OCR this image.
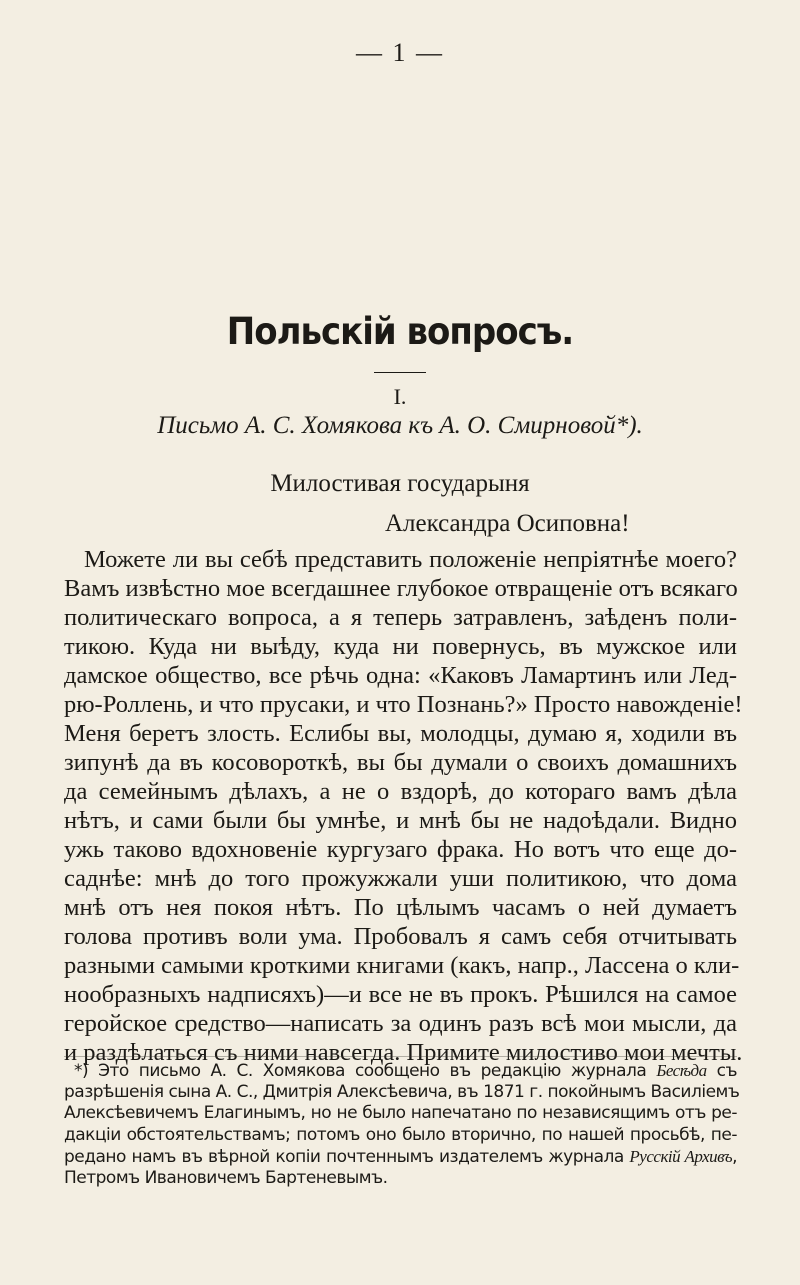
— 1 —
Польскій вопросъ.
I.
Письмо А. С. Хомякова къ А. О. Смирновой*).
Милостивая государыня
Александра Осиповна!
Можете ли вы себѣ представить положеніе непріятнѣе моего?
Вамъ извѣстно мое всегдашнее глубокое отвращеніе отъ всякаго
политическаго вопроса, а я теперь затравленъ, заѣденъ поли-
тикою. Куда ни выѣду, куда ни повернусь, въ мужское или
дамское общество, все рѣчь одна: «Каковъ Ламартинъ или Лед-
рю-Роллень, и что прусаки, и что Познань?» Просто навожденіе!
Меня беретъ злость. Еслибы вы, молодцы, думаю я, ходили въ
зипунѣ да въ косовороткѣ, вы бы думали о своихъ домашнихъ
да семейнымъ дѣлахъ, а не о вздорѣ, до котораго вамъ дѣла
нѣтъ, и сами были бы умнѣе, и мнѣ бы не надоѣдали. Видно
ужь таково вдохновеніе кургузаго фрака. Но вотъ что еще до-
саднѣе: мнѣ до того прожужжали уши политикою, что дома
мнѣ отъ нея покоя нѣтъ. По цѣлымъ часамъ о ней думаетъ
голова противъ воли ума. Пробовалъ я самъ себя отчитывать
разными самыми кроткими книгами (какъ, напр., Лассена о кли-
нообразныхъ надписяхъ)—и все не въ прокъ. Рѣшился на самое
геройское средство—написать за одинъ разъ всѣ мои мысли, да
и раздѣлаться съ ними навсегда. Примите милостиво мои мечты.
*) Это письмо А. С. Хомякова сообщено въ редакцію журнала Бесѣда съ
разрѣшенія сына А. С., Дмитрія Алексѣевича, въ 1871 г. покойнымъ Василіемъ
Алексѣевичемъ Елагинымъ, но не было напечатано по независящимъ отъ ре-
дакціи обстоятельствамъ; потомъ оно было вторично, по нашей просьбѣ, пе-
редано намъ въ вѣрной копіи почтеннымъ издателемъ журнала Русскій Архивъ,
Петромъ Ивановичемъ Бартеневымъ.
